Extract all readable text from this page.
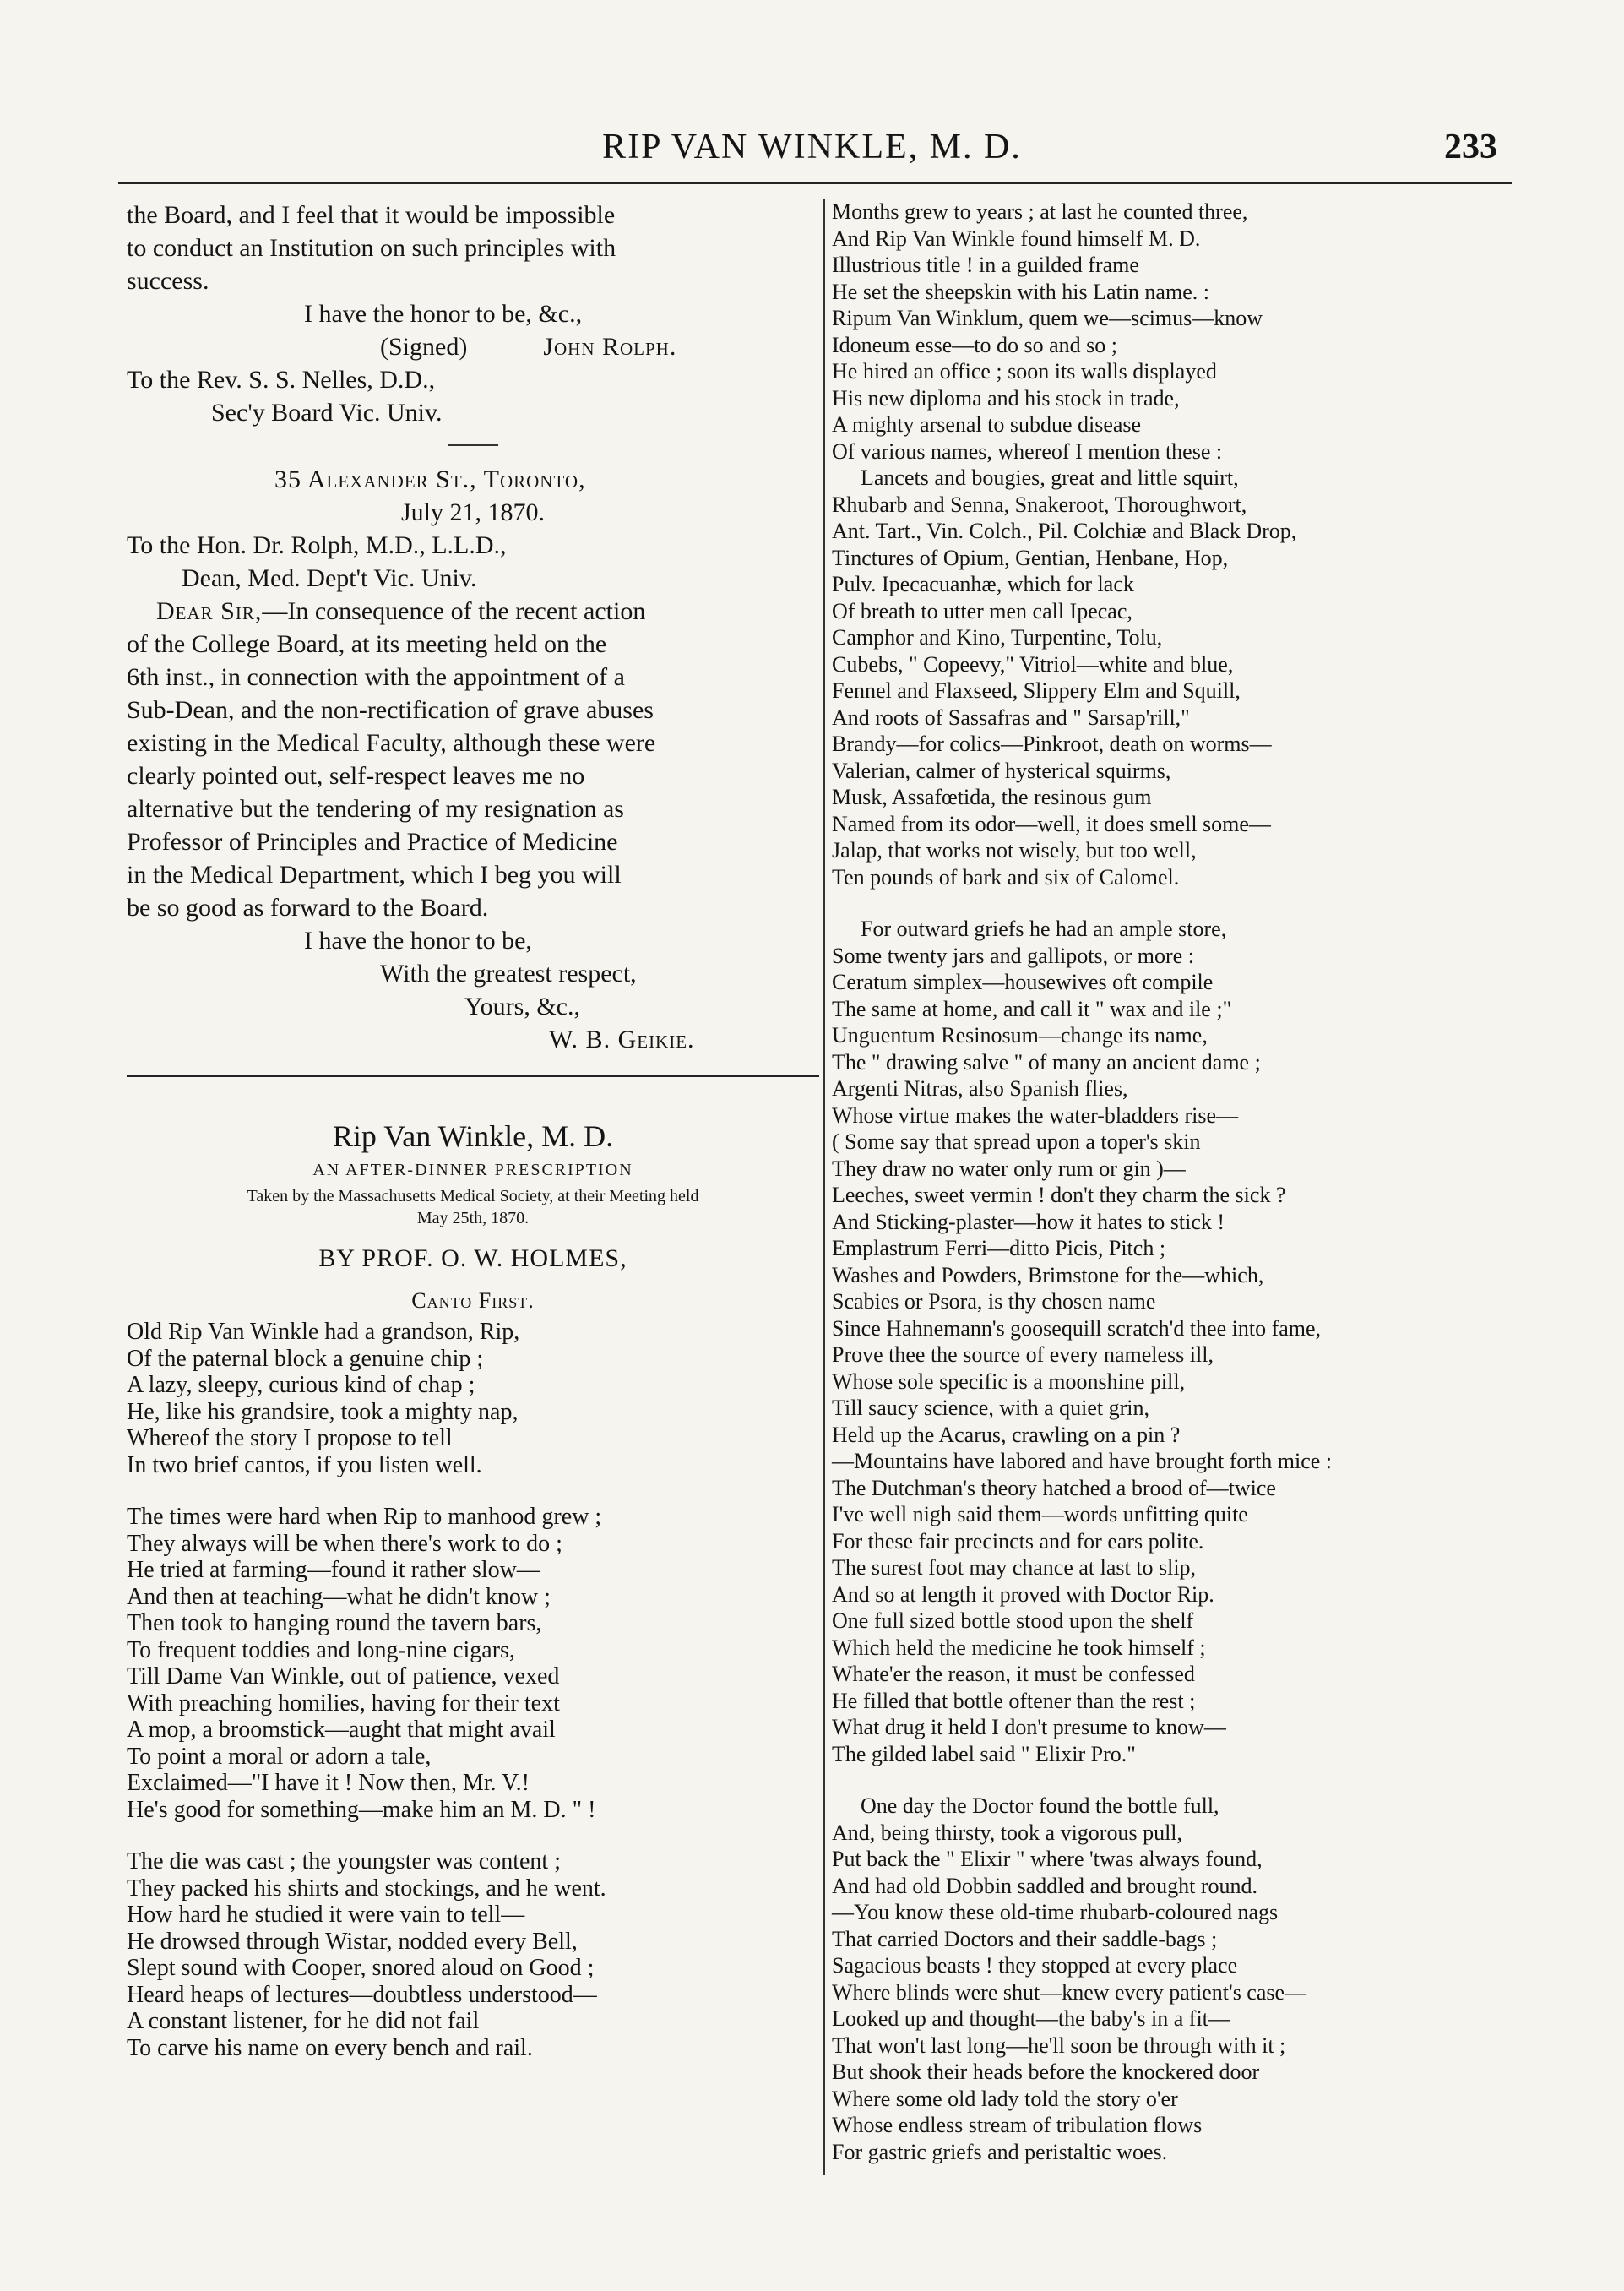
RIP VAN WINKLE, M. D.	233
the Board, and I feel that it would be impossible
to conduct an Institution on such principles with
success.
I have the honor to be, &c.,
(Signed)	John Rolph.
To the Rev. S. S. Nelles, D.D.,
Sec'y Board Vic. Univ.
35 Alexander St., Toronto,
July 21, 1870.
To the Hon. Dr. Rolph, M.D., L.L.D.,
Dean, Med. Dept't Vic. Univ.
Dear Sir,—In consequence of the recent action
of the College Board, at its meeting held on the
6th inst., in connection with the appointment of a
Sub-Dean, and the non-rectification of grave abuses
existing in the Medical Faculty, although these were
clearly pointed out, self-respect leaves me no
alternative but the tendering of my resignation as
Professor of Principles and Practice of Medicine
in the Medical Department, which I beg you will
be so good as forward to the Board.
I have the honor to be,
With the greatest respect,
Yours, &c.,
W. B. Geikie.
Rip Van Winkle, M. D.
AN AFTER-DINNER PRESCRIPTION
Taken by the Massachusetts Medical Society, at their Meeting held
May 25th, 1870.
BY PROF. O. W. HOLMES,
Canto First.
Old Rip Van Winkle had a grandson, Rip,
Of the paternal block a genuine chip ;
A lazy, sleepy, curious kind of chap ;
He, like his grandsire, took a mighty nap,
Whereof the story I propose to tell
In two brief cantos, if you listen well.
The times were hard when Rip to manhood grew ;
They always will be when there's work to do ;
He tried at farming—found it rather slow—
And then at teaching—what he didn't know ;
Then took to hanging round the tavern bars,
To frequent toddies and long-nine cigars,
Till Dame Van Winkle, out of patience, vexed
With preaching homilies, having for their text
A mop, a broomstick—aught that might avail
To point a moral or adorn a tale,
Exclaimed—"I have it ! Now then, Mr. V.!
He's good for something—make him an M. D. " !
The die was cast ; the youngster was content ;
They packed his shirts and stockings, and he went.
How hard he studied it were vain to tell—
He drowsed through Wistar, nodded every Bell,
Slept sound with Cooper, snored aloud on Good ;
Heard heaps of lectures—doubtless understood—
A constant listener, for he did not fail
To carve his name on every bench and rail.
Months grew to years ; at last he counted three,
And Rip Van Winkle found himself M. D.
Illustrious title ! in a guilded frame
He set the sheepskin with his Latin name. :
Ripum Van Winklum, quem we—scimus—know
Idoneum esse—to do so and so ;
He hired an office ; soon its walls displayed
His new diploma and his stock in trade,
A mighty arsenal to subdue disease
Of various names, whereof I mention these :
Lancets and bougies, great and little squirt,
Rhubarb and Senna, Snakeroot, Thoroughwort,
Ant. Tart., Vin. Colch., Pil. Colchiæ and Black Drop,
Tinctures of Opium, Gentian, Henbane, Hop,
Pulv. Ipecacuanhæ, which for lack
Of breath to utter men call Ipecac,
Camphor and Kino, Turpentine, Tolu,
Cubebs, " Copeevy," Vitriol—white and blue,
Fennel and Flaxseed, Slippery Elm and Squill,
And roots of Sassafras and " Sarsap'rill,"
Brandy—for colics—Pinkroot, death on worms—
Valerian, calmer of hysterical squirms,
Musk, Assafœtida, the resinous gum
Named from its odor—well, it does smell some—
Jalap, that works not wisely, but too well,
Ten pounds of bark and six of Calomel.
For outward griefs he had an ample store,
Some twenty jars and gallipots, or more :
Ceratum simplex—housewives oft compile
The same at home, and call it " wax and ile ;"
Unguentum Resinosum—change its name,
The " drawing salve " of many an ancient dame ;
Argenti Nitras, also Spanish flies,
Whose virtue makes the water-bladders rise—
( Some say that spread upon a toper's skin
They draw no water only rum or gin )—
Leeches, sweet vermin ! don't they charm the sick ?
And Sticking-plaster—how it hates to stick !
Emplastrum Ferri—ditto Picis, Pitch ;
Washes and Powders, Brimstone for the—which,
Scabies or Psora, is thy chosen name
Since Hahnemann's goosequill scratch'd thee into fame,
Prove thee the source of every nameless ill,
Whose sole specific is a moonshine pill,
Till saucy science, with a quiet grin,
Held up the Acarus, crawling on a pin ?
—Mountains have labored and have brought forth mice :
The Dutchman's theory hatched a brood of—twice
I've well nigh said them—words unfitting quite
For these fair precincts and for ears polite.
The surest foot may chance at last to slip,
And so at length it proved with Doctor Rip.
One full sized bottle stood upon the shelf
Which held the medicine he took himself ;
Whate'er the reason, it must be confessed
He filled that bottle oftener than the rest ;
What drug it held I don't presume to know—
The gilded label said " Elixir Pro."
One day the Doctor found the bottle full,
And, being thirsty, took a vigorous pull,
Put back the " Elixir " where 'twas always found,
And had old Dobbin saddled and brought round.
—You know these old-time rhubarb-coloured nags
That carried Doctors and their saddle-bags ;
Sagacious beasts ! they stopped at every place
Where blinds were shut—knew every patient's case—
Looked up and thought—the baby's in a fit—
That won't last long—he'll soon be through with it ;
But shook their heads before the knockered door
Where some old lady told the story o'er
Whose endless stream of tribulation flows
For gastric griefs and peristaltic woes.
